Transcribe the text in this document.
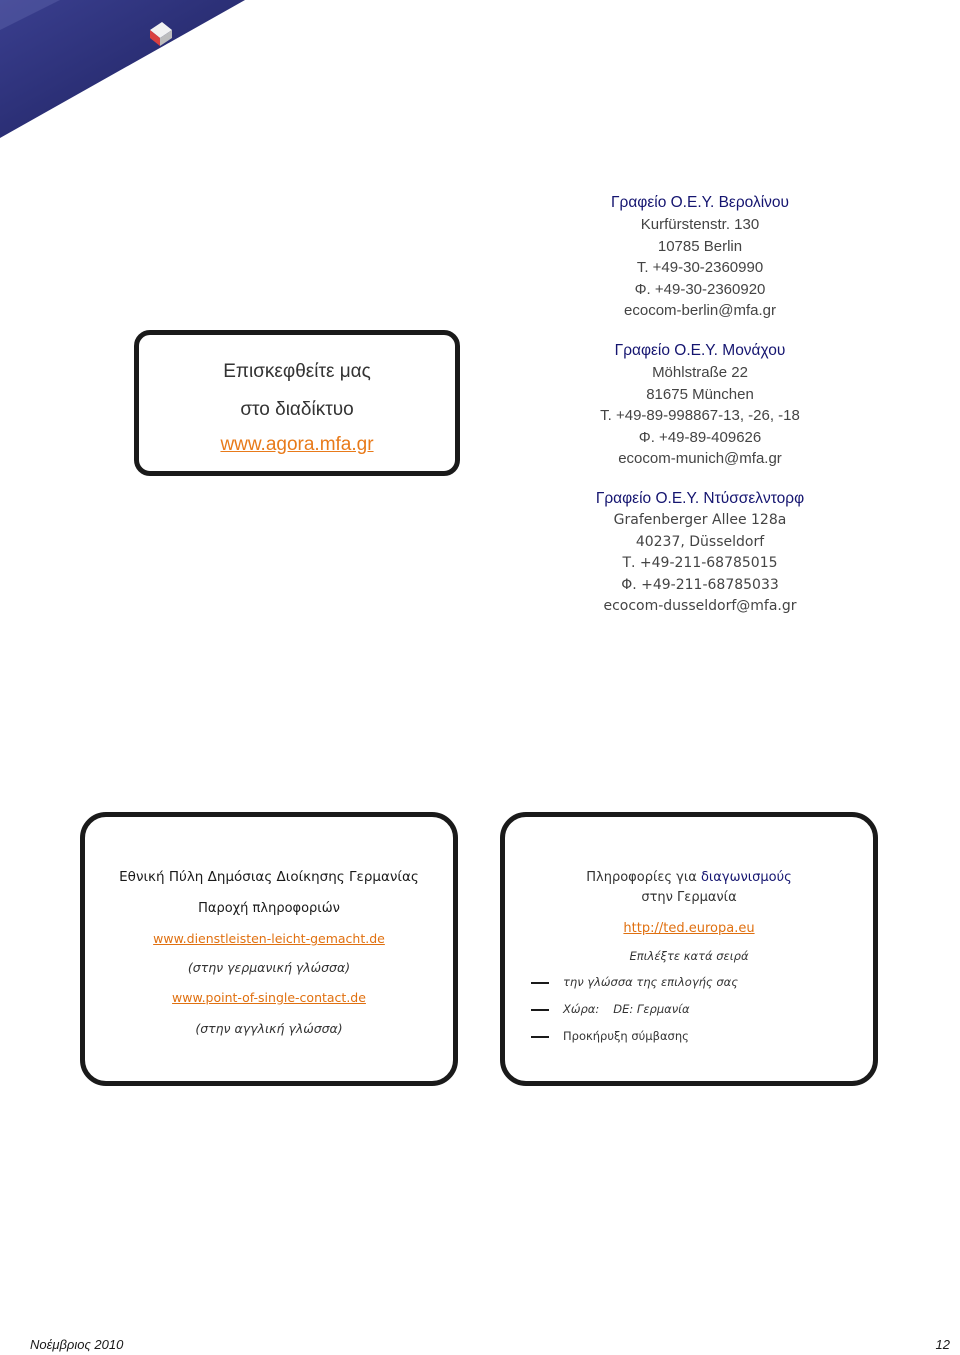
Επισκεφθείτε μας
στο διαδίκτυο
www.agora.mfa.gr
Γραφείο Ο.Ε.Υ. Βερολίνου
Kurfürstenstr. 130
10785 Berlin
Τ. +49-30-2360990
Φ. +49-30-2360920
ecocom-berlin@mfa.gr
Γραφείο Ο.Ε.Υ. Μονάχου
Möhlstraße 22
81675 München
Τ. +49-89-998867-13, -26, -18
Φ. +49-89-409626
ecocom-munich@mfa.gr
Γραφείο Ο.Ε.Υ. Ντύσσελντορφ
Grafenberger Allee 128a
40237, Düsseldorf
Τ. +49-211-68785015
Φ. +49-211-68785033
ecocom-dusseldorf@mfa.gr
Εθνική Πύλη Δημόσιας Διοίκησης Γερμανίας
Παροχή πληροφοριών
www.dienstleisten-leicht-gemacht.de
(στην γερμανική γλώσσα)
www.point-of-single-contact.de
(στην αγγλική γλώσσα)
Πληροφορίες για διαγωνισμούς
στην Γερμανία
http://ted.europa.eu
Επιλέξτε κατά σειρά
την γλώσσα της επιλογής σας
Χώρα: DE: Γερμανία
Προκήρυξη σύμβασης
Νοέμβριος 2010	12
